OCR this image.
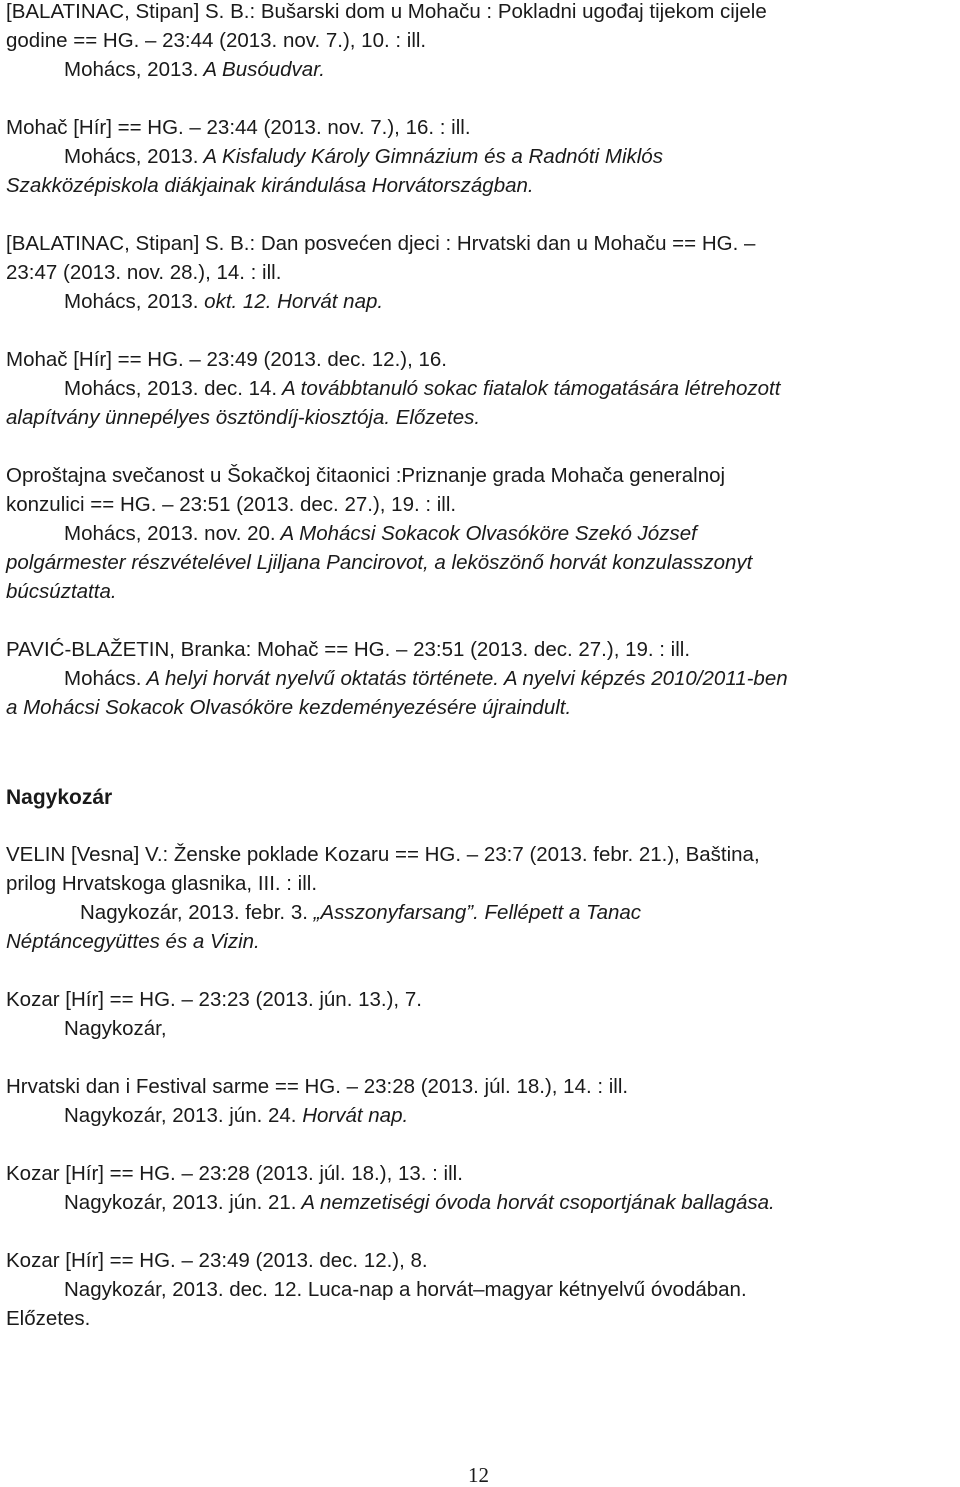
[BALATINAC, Stipan] S. B.: Bušarski dom u Mohaču : Pokladni ugođaj tijekom cijele
godine == HG. – 23:44 (2013. nov. 7.), 10. : ill.
Mohács, 2013. A Busóudvar.
Mohač [Hír] == HG. – 23:44 (2013. nov. 7.), 16. : ill.
Mohács, 2013. A Kisfaludy Károly Gimnázium és a Radnóti Miklós
Szakközépiskola diákjainak kirándulása Horvátországban.
[BALATINAC, Stipan] S. B.: Dan posvećen djeci : Hrvatski dan u Mohaču == HG. –
23:47 (2013. nov. 28.), 14. : ill.
Mohács, 2013. okt. 12. Horvát nap.
Mohač [Hír] == HG. – 23:49 (2013. dec. 12.), 16.
Mohács, 2013. dec. 14. A továbbtanuló sokac fiatalok támogatására létrehozott
alapítvány ünnepélyes ösztöndíj-kiosztója. Előzetes.
Oproštajna svečanost u Šokačkoj čitaonici :Priznanje grada Mohača generalnoj
konzulici == HG. – 23:51 (2013. dec. 27.), 19. : ill.
Mohács, 2013. nov. 20. A Mohácsi Sokacok Olvasóköre Szekó József
polgármester részvételével Ljiljana Pancirovot, a leköszönő horvát konzulasszonyt
búcsúztatta.
PAVIĆ-BLAŽETIN, Branka: Mohač == HG. – 23:51 (2013. dec. 27.), 19. : ill.
Mohács. A helyi horvát nyelvű oktatás története. A nyelvi képzés 2010/2011-ben
a Mohácsi Sokacok Olvasóköre kezdeményezésére újraindult.
Nagykozár
VELIN [Vesna] V.: Ženske poklade Kozaru == HG. – 23:7 (2013. febr. 21.), Baština,
prilog Hrvatskoga glasnika, III. : ill.
Nagykozár, 2013. febr. 3. „Asszonyfarsang”. Fellépett a Tanac
Néptáncegyüttes és a Vizin.
Kozar [Hír] == HG. – 23:23 (2013. jún. 13.), 7.
Nagykozár,
Hrvatski dan i Festival sarme == HG. – 23:28 (2013. júl. 18.), 14. : ill.
Nagykozár, 2013. jún. 24. Horvát nap.
Kozar [Hír] == HG. – 23:28 (2013. júl. 18.), 13. : ill.
Nagykozár, 2013. jún. 21. A nemzetiségi óvoda horvát csoportjának ballagása.
Kozar [Hír] == HG. – 23:49 (2013. dec. 12.), 8.
Nagykozár, 2013. dec. 12. Luca-nap a horvát–magyar kétnyelvű óvodában.
Előzetes.
12
